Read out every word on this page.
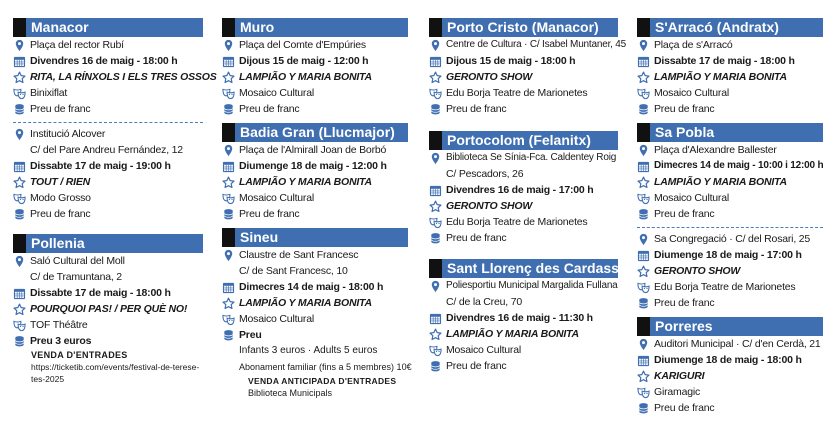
Manacor
Plaça del rector Rubí
Divendres 16 de maig - 18:00 h
RITA, LA RÍNXOLS I ELS TRES OSSOS
Binixiflat
Preu de franc
Institució Alcover
C/ del Pare Andreu Fernández, 12
Dissabte 17 de maig - 19:00 h
TOUT / RIEN
Modo Grosso
Preu de franc
Pollenia
Saló Cultural del Moll
C/ de Tramuntana, 2
Dissabte 17 de maig - 18:00 h
POURQUOI PAS! / PER QUÈ NO!
TOF Théâtre
Preu 3 euros
VENDA D'ENTRADES
https://ticketib.com/events/festival-de-terese-
tes-2025
Muro
Plaça del Comte d'Empúries
Dijous 15 de maig - 12:00 h
LAMPIÃO Y MARIA BONITA
Mosaico Cultural
Preu de franc
Badia Gran (Llucmajor)
Plaça de l'Almirall Joan de Borbó
Diumenge 18 de maig - 12:00 h
LAMPIÃO Y MARIA BONITA
Mosaico Cultural
Preu de franc
Sineu
Claustre de Sant Francesc
C/ de Sant Francesc, 10
Dimecres 14 de maig - 18:00 h
LAMPIÃO Y MARIA BONITA
Mosaico Cultural
Preu
Infants 3 euros · Adults 5 euros
Abonament familiar (fins a 5 membres) 10€
VENDA ANTICIPADA D'ENTRADES
Biblioteca Municipals
Porto Cristo (Manacor)
Centre de Cultura · C/ Isabel Muntaner, 45
Dijous 15 de maig - 18:00 h
GERONTO SHOW
Edu Borja Teatre de Marionetes
Preu de franc
Portocolom (Felanitx)
Biblioteca Se Sínia-Fca. Caldentey Roig
C/ Pescadors, 26
Divendres 16 de maig - 17:00 h
GERONTO SHOW
Edu Borja Teatre de Marionetes
Preu de franc
Sant Llorenç des Cardassar
Poliesportiu Municipal Margalida Fullana
C/ de la Creu, 70
Divendres 16 de maig - 11:30 h
LAMPIÃO Y MARIA BONITA
Mosaico Cultural
Preu de franc
S'Arracó (Andratx)
Plaça de s'Arracó
Dissabte 17 de maig - 18:00 h
LAMPIÃO Y MARIA BONITA
Mosaico Cultural
Preu de franc
Sa Pobla
Plaça d'Alexandre Ballester
Dimecres 14 de maig - 10:00 i 12:00 h
LAMPIÃO Y MARIA BONITA
Mosaico Cultural
Preu de franc
Sa Congregació · C/ del Rosari, 25
Diumenge 18 de maig - 17:00 h
GERONTO SHOW
Edu Borja Teatre de Marionetes
Preu de franc
Porreres
Auditori Municipal · C/ d'en Cerdà, 21
Diumenge 18 de maig - 18:00 h
KARIGURI
Giramagic
Preu de franc
